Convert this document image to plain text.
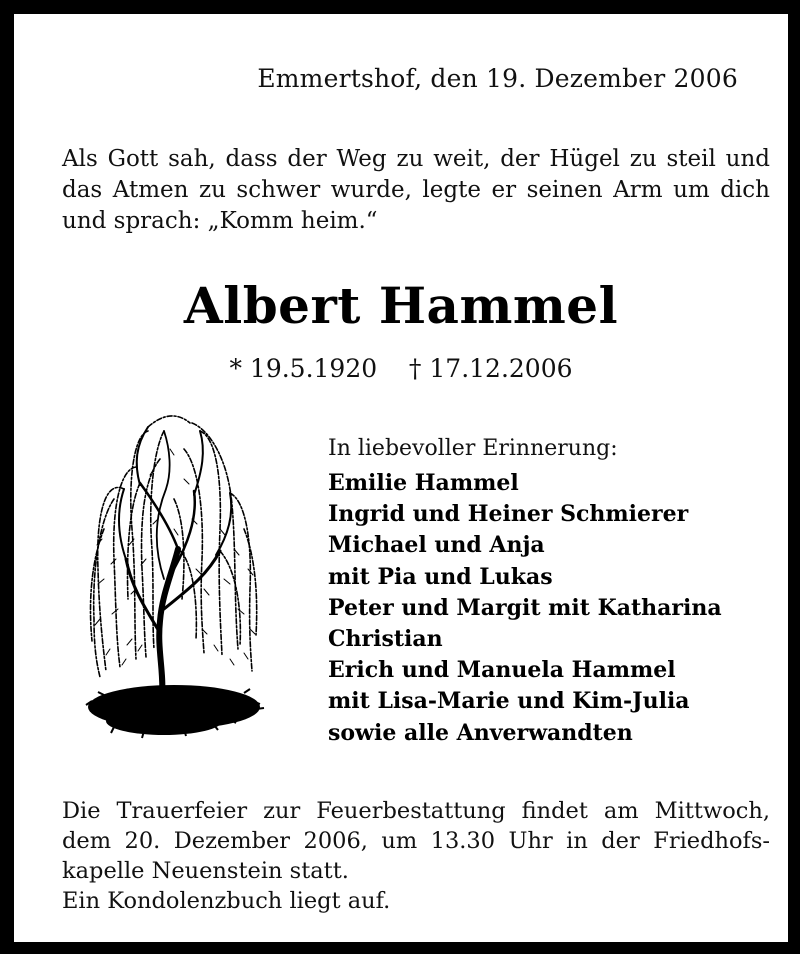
Emmertshof, den 19. Dezember 2006

Als Gott sah, dass der Weg zu weit, der Hügel zu steil und
das Atmen zu schwer wurde, legte er seinen Arm um dich
und sprach: „Komm heim.“

Albert Hammel

* 19.5.1920    † 17.12.2006

In liebevoller Erinnerung:

Emilie Hammel
Ingrid und Heiner Schmierer
Michael und Anja
mit Pia und Lukas
Peter und Margit mit Katharina
Christian
Erich und Manuela Hammel
mit Lisa-Marie und Kim-Julia
sowie alle Anverwandten

Die Trauerfeier zur Feuerbestattung findet am Mittwoch,
dem 20. Dezember 2006, um 13.30 Uhr in der Friedhofs-
kapelle Neuenstein statt.
Ein Kondolenzbuch liegt auf.
